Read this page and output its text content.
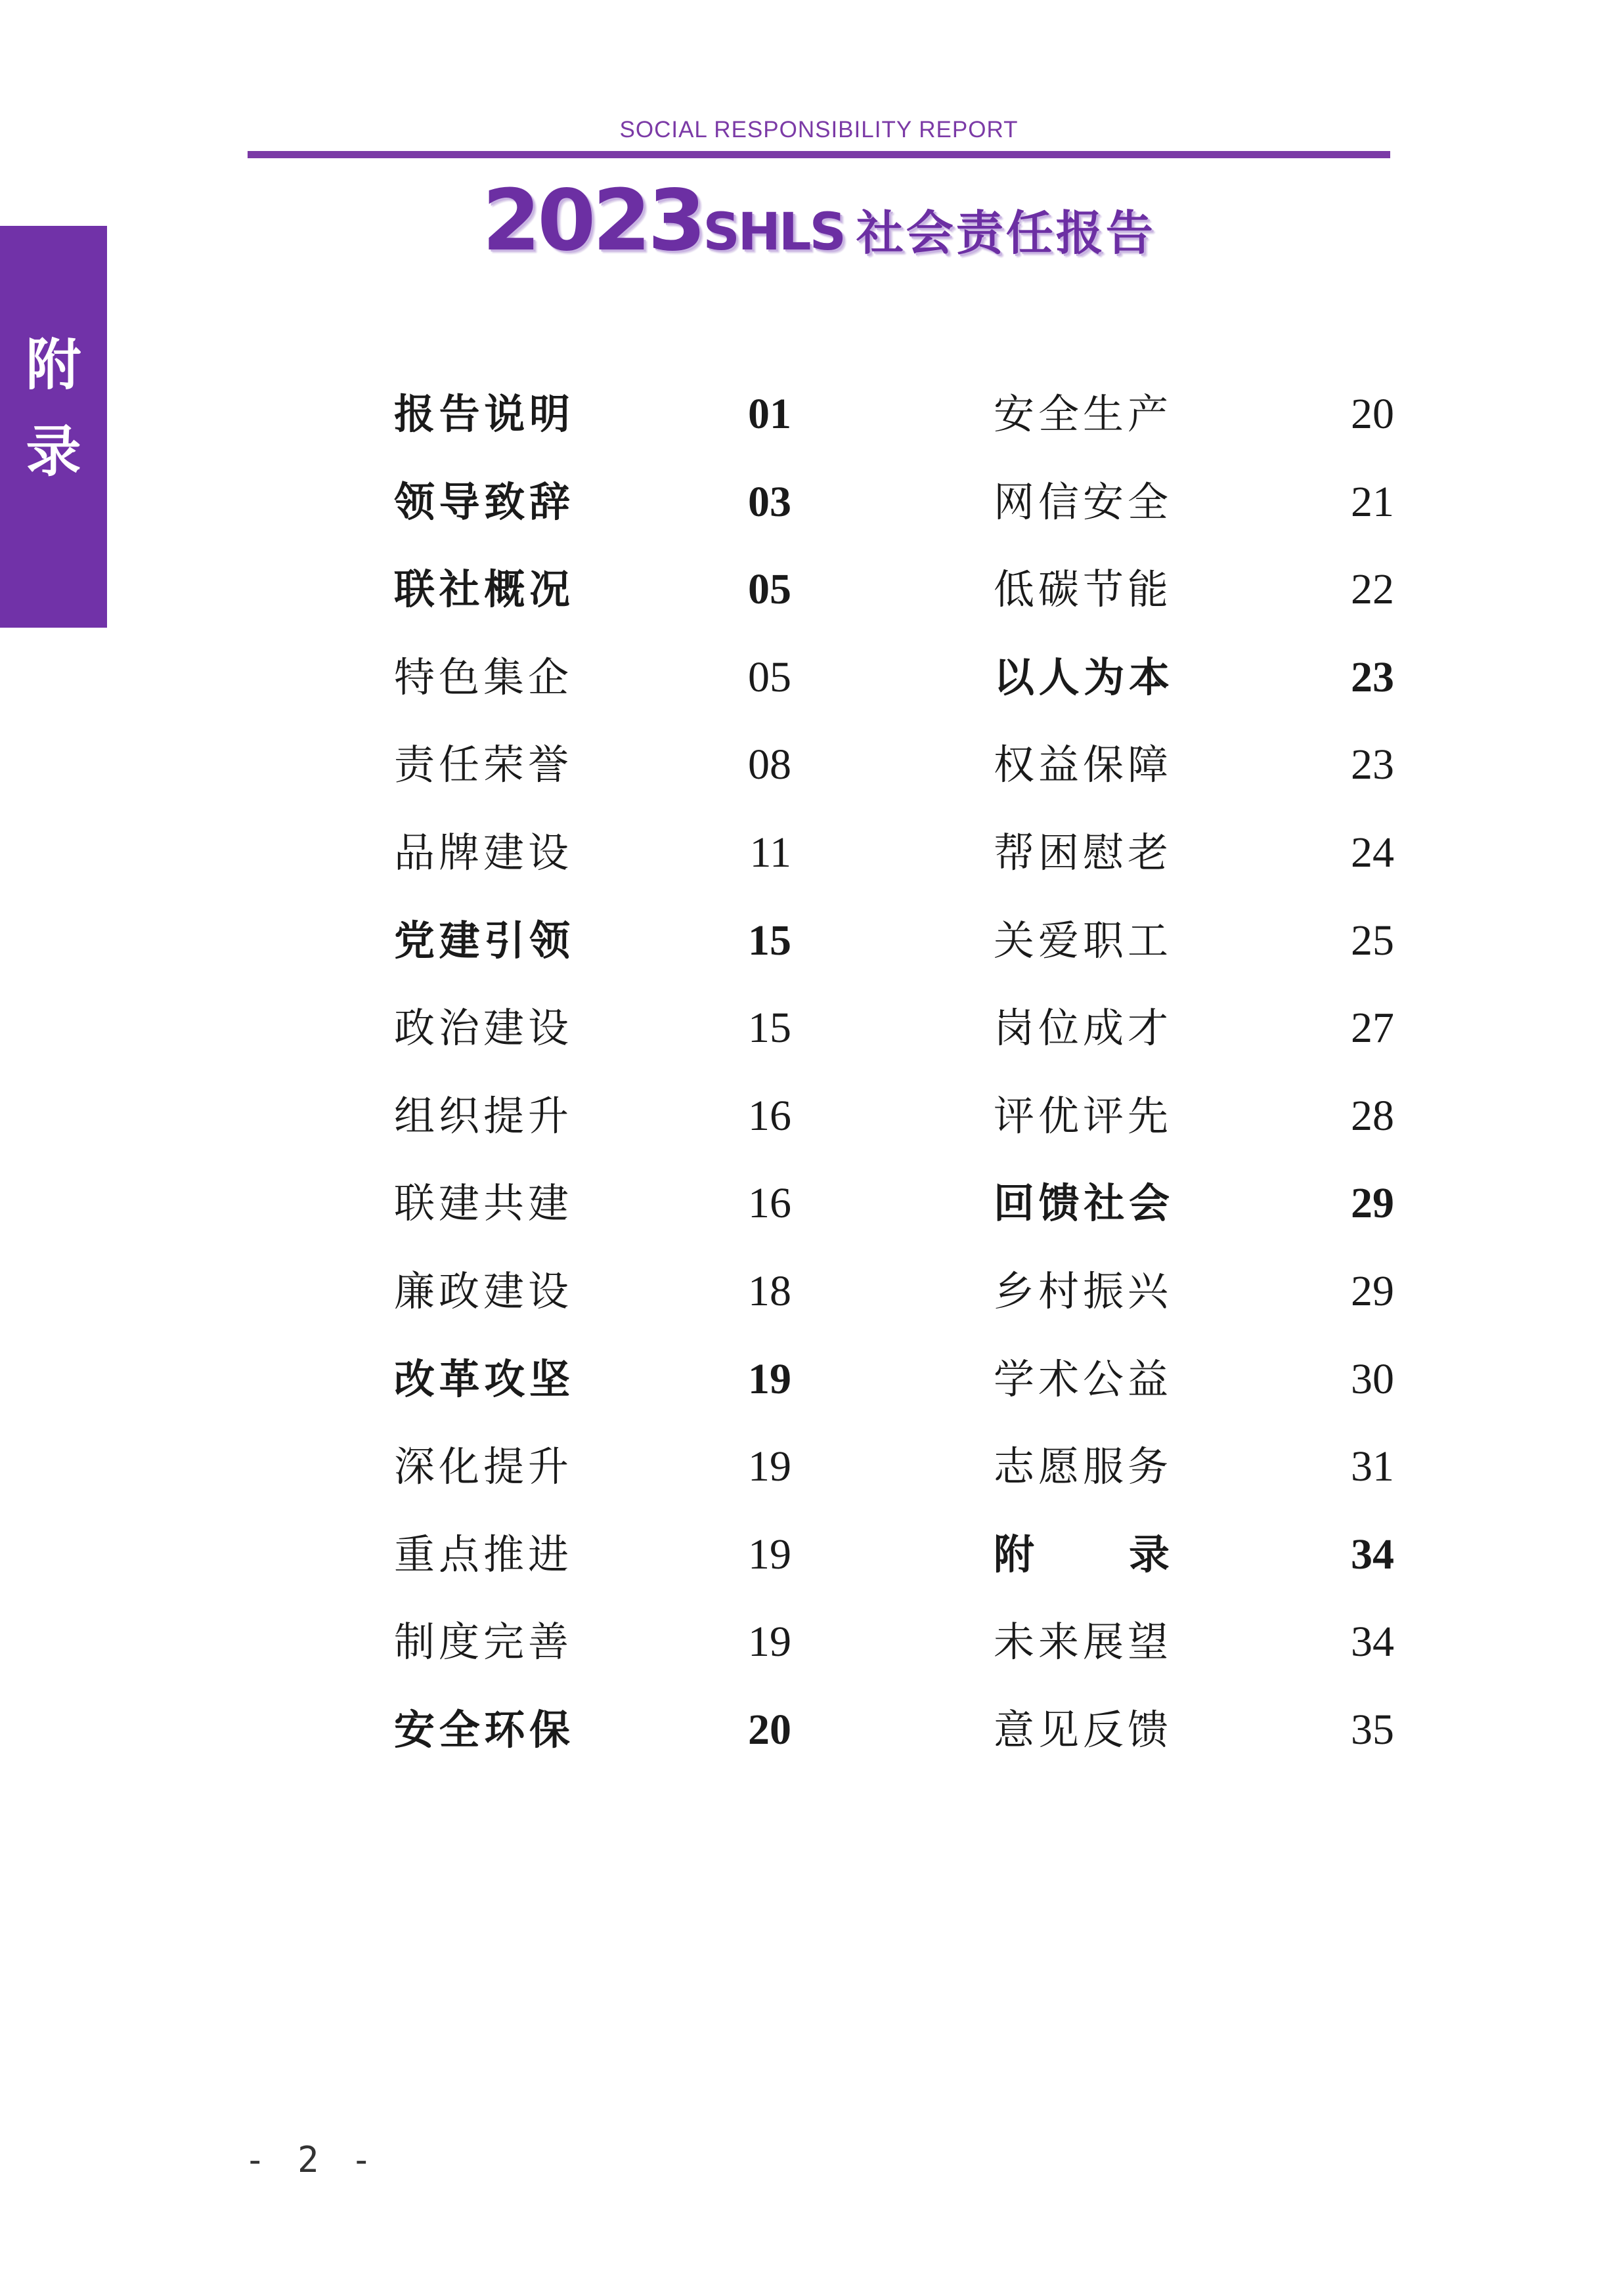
SOCIAL RESPONSIBILITY REPORT
2023SHLS 社会责任报告
附
录
报告说明	01
领导致辞	03
联社概况	05
特色集企	05
责任荣誉	08
品牌建设	11
党建引领	15
政治建设	15
组织提升	16
联建共建	16
廉政建设	18
改革攻坚	19
深化提升	19
重点推进	19
制度完善	19
安全环保	20
安全生产	20
网信安全	21
低碳节能	22
以人为本	23
权益保障	23
帮困慰老	24
关爱职工	25
岗位成才	27
评优评先	28
回馈社会	29
乡村振兴	29
学术公益	30
志愿服务	31
附　　录	34
未来展望	34
意见反馈	35
- 2 -
